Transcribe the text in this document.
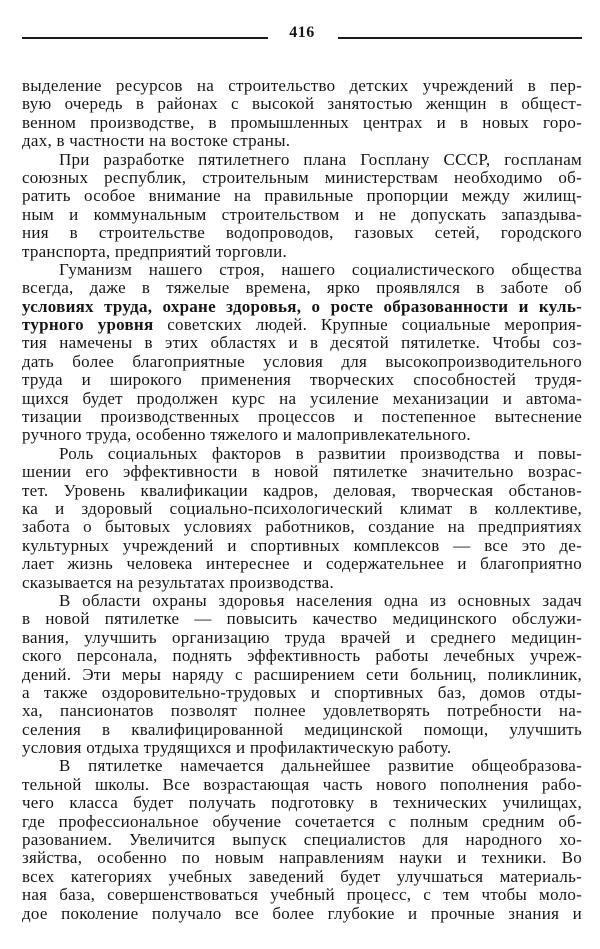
416
выделение ресурсов на строительство детских учреждений в пер-
вую очередь в районах с высокой занятостью женщин в общест-
венном производстве, в промышленных центрах и в новых горо-
дах, в частности на востоке страны.
При разработке пятилетнего плана Госплану СССР, госпланам
союзных республик, строительным министерствам необходимо об-
ратить особое внимание на правильные пропорции между жилищ-
ным и коммунальным строительством и не допускать запаздыва-
ния в строительстве водопроводов, газовых сетей, городского
транспорта, предприятий торговли.
Гуманизм нашего строя, нашего социалистического общества
всегда, даже в тяжелые времена, ярко проявлялся в заботе об
условиях труда, охране здоровья, о росте образованности и куль-
турного уровня советских людей. Крупные социальные мероприя-
тия намечены в этих областях и в десятой пятилетке. Чтобы соз-
дать более благоприятные условия для высокопроизводительного
труда и широкого применения творческих способностей трудя-
щихся будет продолжен курс на усиление механизации и автома-
тизации производственных процессов и постепенное вытеснение
ручного труда, особенно тяжелого и малопривлекательного.
Роль социальных факторов в развитии производства и повы-
шении его эффективности в новой пятилетке значительно возрас-
тет. Уровень квалификации кадров, деловая, творческая обстанов-
ка и здоровый социально-психологический климат в коллективе,
забота о бытовых условиях работников, создание на предприятиях
культурных учреждений и спортивных комплексов — все это де-
лает жизнь человека интереснее и содержательнее и благоприятно
сказывается на результатах производства.
В области охраны здоровья населения одна из основных задач
в новой пятилетке — повысить качество медицинского обслужи-
вания, улучшить организацию труда врачей и среднего медицин-
ского персонала, поднять эффективность работы лечебных учреж-
дений. Эти меры наряду с расширением сети больниц, поликлиник,
а также оздоровительно-трудовых и спортивных баз, домов отды-
ха, пансионатов позволят полнее удовлетворять потребности на-
селения в квалифицированной медицинской помощи, улучшить
условия отдыха трудящихся и профилактическую работу.
В пятилетке намечается дальнейшее развитие общеобразова-
тельной школы. Все возрастающая часть нового пополнения рабо-
чего класса будет получать подготовку в технических училищах,
где профессиональное обучение сочетается с полным средним об-
разованием. Увеличится выпуск специалистов для народного хо-
зяйства, особенно по новым направлениям науки и техники. Во
всех категориях учебных заведений будет улучшаться материаль-
ная база, совершенствоваться учебный процесс, с тем чтобы моло-
дое поколение получало все более глубокие и прочные знания и
